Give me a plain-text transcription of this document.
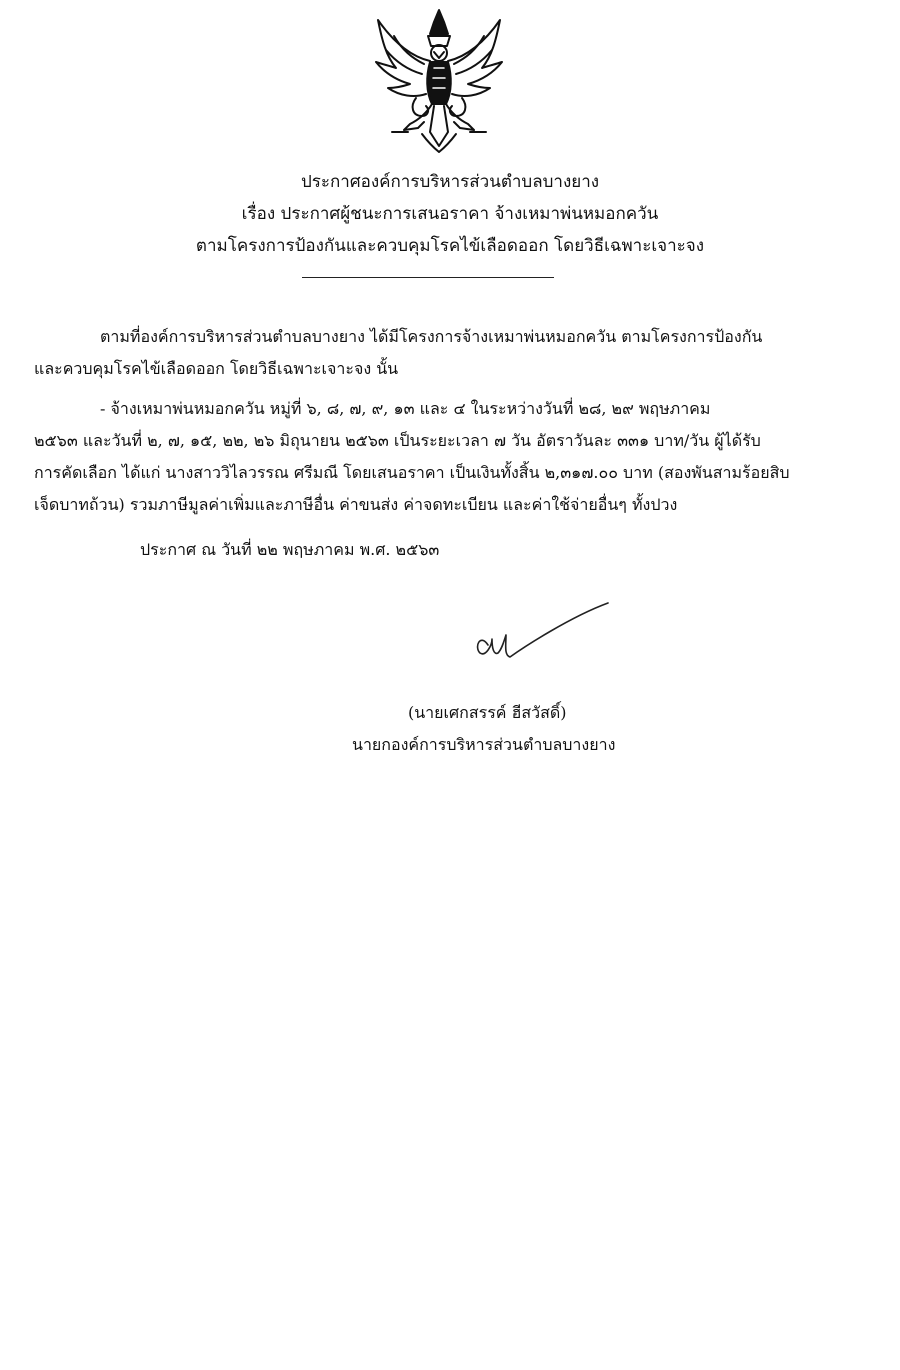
ประกาศองค์การบริหารส่วนตำบลบางยาง
เรื่อง ประกาศผู้ชนะการเสนอราคา จ้างเหมาพ่นหมอกควัน
ตามโครงการป้องกันและควบคุมโรคไข้เลือดออก โดยวิธีเฉพาะเจาะจง
ตามที่องค์การบริหารส่วนตำบลบางยาง ได้มีโครงการจ้างเหมาพ่นหมอกควัน ตามโครงการป้องกัน
และควบคุมโรคไข้เลือดออก โดยวิธีเฉพาะเจาะจง นั้น
- จ้างเหมาพ่นหมอกควัน หมู่ที่ ๖, ๘, ๗, ๙, ๑๓ และ ๔ ในระหว่างวันที่ ๒๘, ๒๙ พฤษภาคม
๒๕๖๓ และวันที่ ๒, ๗, ๑๕, ๒๒, ๒๖ มิถุนายน ๒๕๖๓ เป็นระยะเวลา ๗ วัน อัตราวันละ ๓๓๑ บาท/วัน ผู้ได้รับ
การคัดเลือก ได้แก่ นางสาววิไลวรรณ ศรีมณี โดยเสนอราคา เป็นเงินทั้งสิ้น ๒,๓๑๗.๐๐ บาท (สองพันสามร้อยสิบ
เจ็ดบาทถ้วน) รวมภาษีมูลค่าเพิ่มและภาษีอื่น ค่าขนส่ง ค่าจดทะเบียน และค่าใช้จ่ายอื่นๆ ทั้งปวง
ประกาศ ณ วันที่ ๒๒ พฤษภาคม พ.ศ. ๒๕๖๓
(นายเศกสรรค์ ฮีสวัสดิ์)
นายกองค์การบริหารส่วนตำบลบางยาง
